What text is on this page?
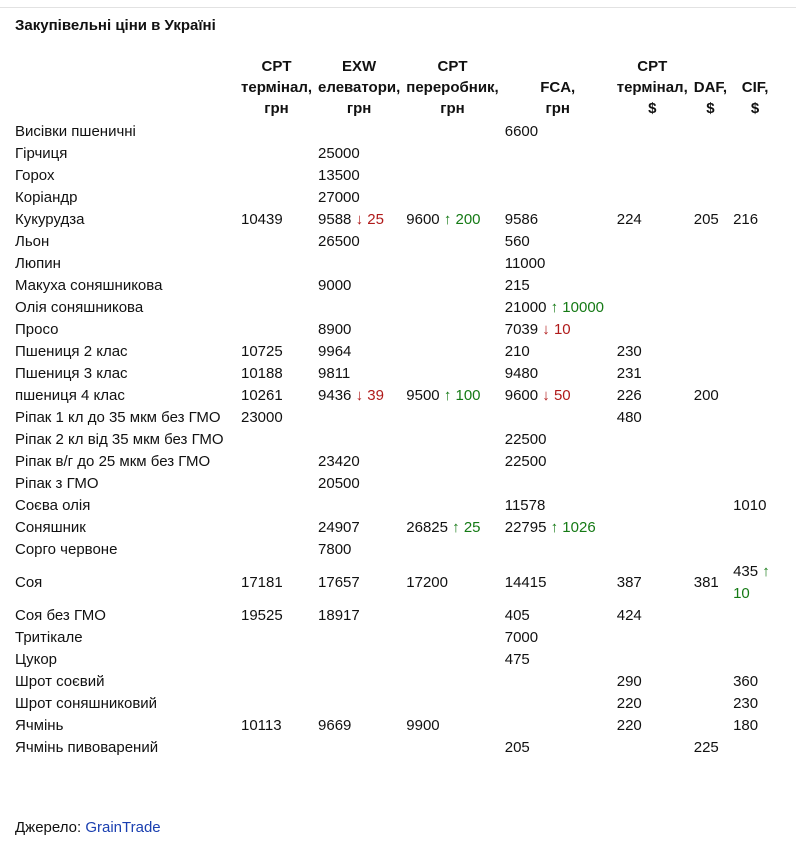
Закупівельні ціни в Україні
	CPT
термінал,
грн	EXW
елеватори,
грн	CPT
переробник,
грн	FCA,
грн	CPT
термінал,
$	DAF,
$	CIF,
$
Висівки пшеничні				6600			
Гірчиця		25000					
Горох		13500					
Коріандр		27000					
Кукурудза	10439	9588 ↓ 25	9600 ↑ 200	9586	224	205	216
Льон		26500		560			
Люпин				11000			
Макуха соняшникова		9000		215			
Олія соняшникова				21000 ↑ 10000			
Просо		8900		7039 ↓ 10			
Пшениця 2 клас	10725	9964		210	230		
Пшениця 3 клас	10188	9811		9480	231		
пшениця 4 клас	10261	9436 ↓ 39	9500 ↑ 100	9600 ↓ 50	226	200	
Ріпак 1 кл до 35 мкм без ГМО	23000				480		
Ріпак 2 кл від 35 мкм без ГМО				22500			
Ріпак в/г до 25 мкм без ГМО		23420		22500			
Ріпак з ГМО		20500					
Соєва олія				11578			1010
Соняшник		24907	26825 ↑ 25	22795 ↑ 1026			
Сорго червоне		7800					
Соя	17181	17657	17200	14415	387	381	435 ↑ 10
Соя без ГМО	19525	18917		405	424		
Тритікале				7000			
Цукор				475			
Шрот соєвий					290		360
Шрот соняшниковий					220		230
Ячмінь	10113	9669	9900		220		180
Ячмінь пивоварений				205		225	
Джерело: GrainTrade
